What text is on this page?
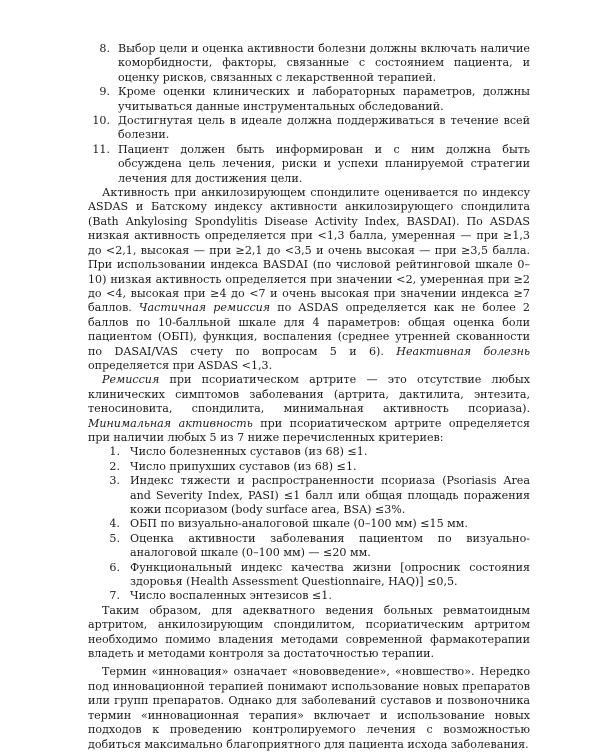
8. Выбор цели и оценка активности болезни должны включать наличие коморбидности, факторы, связанные с состоянием пациента, и оценку рисков, связанных с лекарственной терапией.
9. Кроме оценки клинических и лабораторных параметров, должны учитываться данные инструментальных обследований.
10. Достигнутая цель в идеале должна поддерживаться в течение всей болезни.
11. Пациент должен быть информирован и с ним должна быть обсуждена цель лечения, риски и успехи планируемой стратегии лечения для достижения цели.

Активность при анкилозирующем спондилите оценивается по индексу ASDAS и Батскому индексу активности анкилозирующего спондилита (Bath Ankylosing Spondylitis Disease Activity Index, BASDAI). По ASDAS низкая активность определяется при <1,3 балла, умеренная — при ≥1,3 до <2,1, высокая — при ≥2,1 до <3,5 и очень высокая — при ≥3,5 балла. При использовании индекса BASDAI (по числовой рейтинговой шкале 0–10) низкая активность определяется при значении <2, умеренная при ≥2 до <4, высокая при ≥4 до <7 и очень высокая при значении индекса ≥7 баллов. Частичная ремиссия по ASDAS определяется как не более 2 баллов по 10-балльной шкале для 4 параметров: общая оценка боли пациентом (ОБП), функция, воспаления (среднее утренней скованности по DASAI/VAS счету по вопросам 5 и 6). Неактивная болезнь определяется при ASDAS <1,3.

Ремиссия при псориатическом артрите — это отсутствие любых клинических симптомов заболевания (артрита, дактилита, энтезита, теносиновита, спондилита, минимальная активность псориаза). Минимальная активность при псориатическом артрите определяется при наличии любых 5 из 7 ниже перечисленных критериев:

1. Число болезненных суставов (из 68) ≤1.
2. Число припухших суставов (из 68) ≤1.
3. Индекс тяжести и распространенности псориаза (Psoriasis Area and Severity Index, PASI) ≤1 балл или общая площадь поражения кожи псориазом (body surface area, BSA) ≤3%.
4. ОБП по визуально-аналоговой шкале (0–100 мм) ≤15 мм.
5. Оценка активности заболевания пациентом по визуально-аналоговой шкале (0–100 мм) — ≤20 мм.
6. Функциональный индекс качества жизни [опросник состояния здоровья (Health Assessment Questionnaire, HAQ)] ≤0,5.
7. Число воспаленных энтезисов ≤1.

Таким образом, для адекватного ведения больных ревматоидным артритом, анкилозирующим спондилитом, псориатическим артритом необходимо помимо владения методами современной фармакотерапии владеть и методами контроля за достаточностью терапии.

Термин «инновация» означает «нововведение», «новшество». Нередко под инновационной терапией понимают использование новых препаратов или групп препаратов. Однако для заболеваний суставов и позвоночника термин «инновационная терапия» включает и использование новых подходов к проведению контролируемого лечения с возможностью добиться максимально благоприятного для пациента исхода заболевания.
